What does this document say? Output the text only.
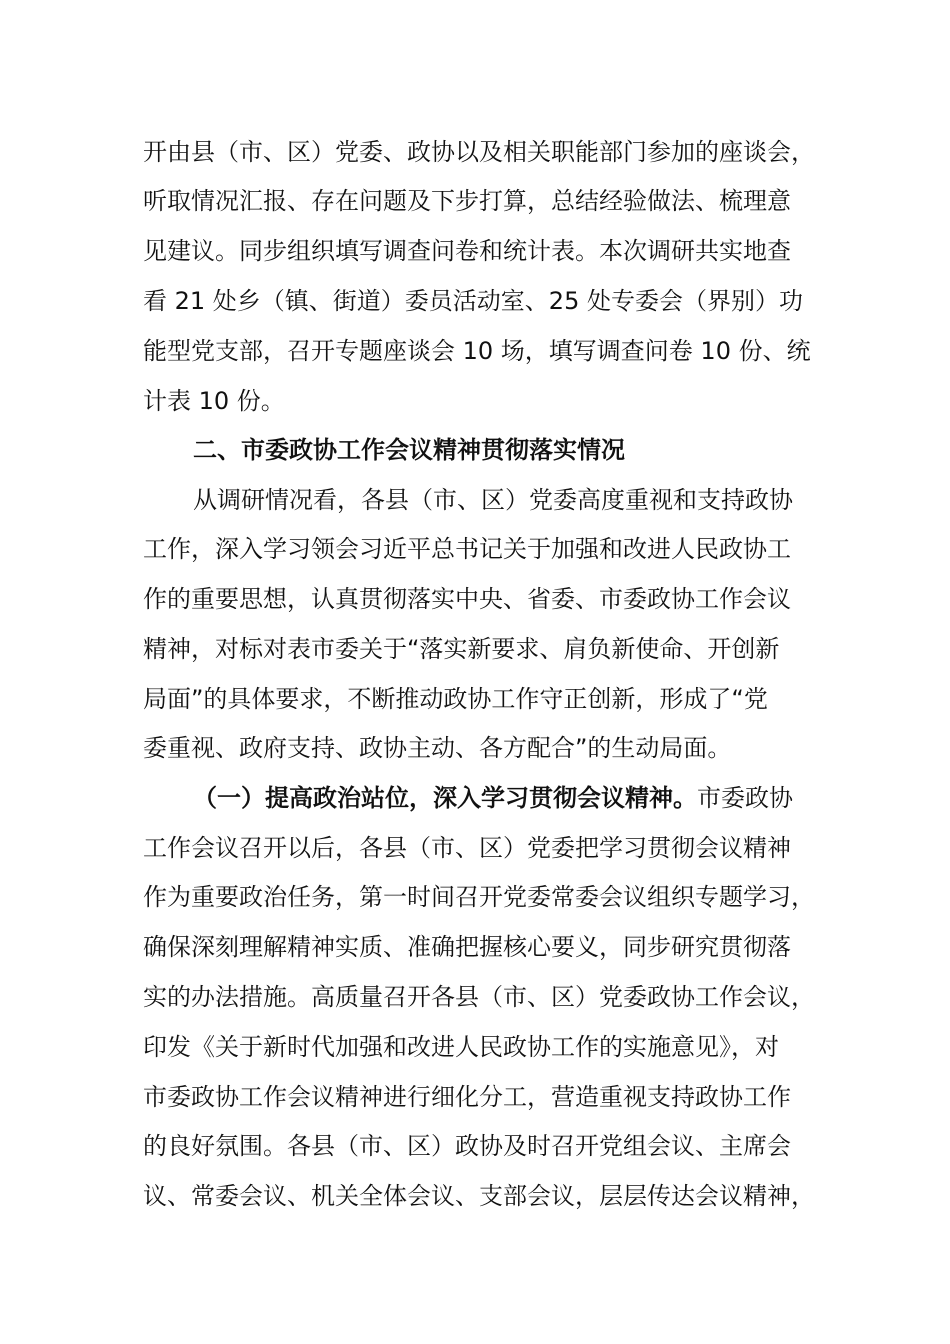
开由县（市、区）党委、政协以及相关职能部门参加的座谈会，

听取情况汇报、存在问题及下步打算，总结经验做法、梳理意

见建议。同步组织填写调查问卷和统计表。本次调研共实地查

看 21 处乡（镇、街道）委员活动室、25 处专委会（界别）功

能型党支部，召开专题座谈会 10 场，填写调查问卷 10 份、统

计表 10 份。

二、市委政协工作会议精神贯彻落实情况

从调研情况看，各县（市、区）党委高度重视和支持政协

工作，深入学习领会习近平总书记关于加强和改进人民政协工

作的重要思想，认真贯彻落实中央、省委、市委政协工作会议

精神，对标对表市委关于“落实新要求、肩负新使命、开创新

局面”的具体要求，不断推动政协工作守正创新，形成了“党

委重视、政府支持、政协主动、各方配合”的生动局面。

（一）提高政治站位，深入学习贯彻会议精神。市委政协

工作会议召开以后，各县（市、区）党委把学习贯彻会议精神

作为重要政治任务，第一时间召开党委常委会议组织专题学习，

确保深刻理解精神实质、准确把握核心要义，同步研究贯彻落

实的办法措施。高质量召开各县（市、区）党委政协工作会议，

印发《关于新时代加强和改进人民政协工作的实施意见》，对

市委政协工作会议精神进行细化分工，营造重视支持政协工作

的良好氛围。各县（市、区）政协及时召开党组会议、主席会

议、常委会议、机关全体会议、支部会议，层层传达会议精神，
